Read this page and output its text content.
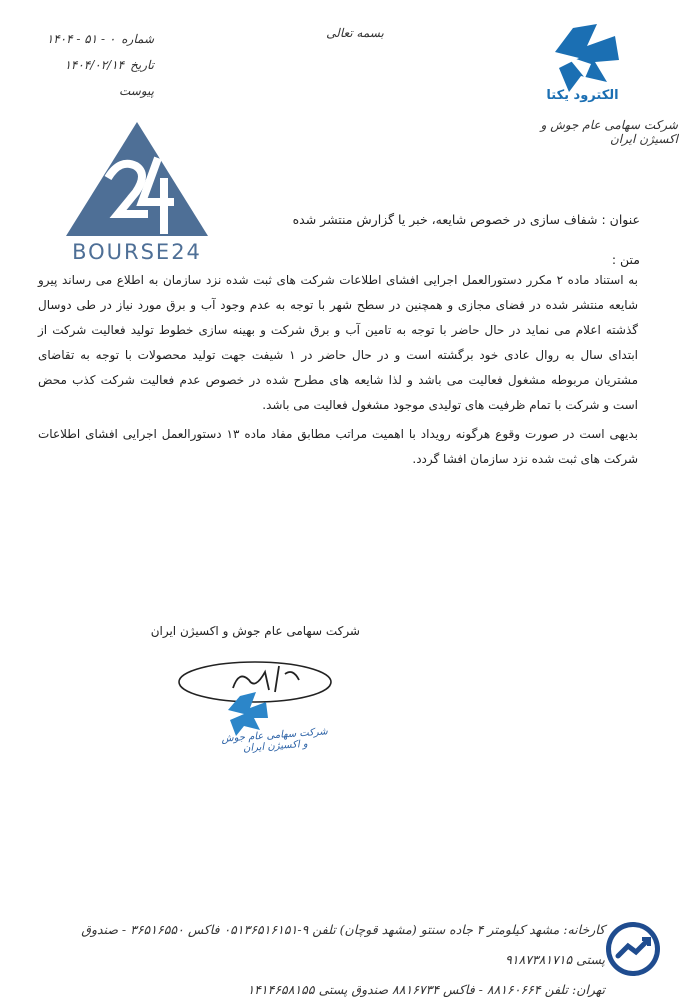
۱۴۰۴ - ۵۱ - ۰ شماره
۱۴۰۴/۰۲/۱۴ تاریخ
پیوست
بسمه تعالی
الکترود یکتا
شرکت سهامی عام جوش و اکسیژن ایران
BOURSE24
عنوان : شفاف سازی در خصوص شایعه، خبر یا گزارش منتشر شده
متن :

به استناد ماده ۲ مکرر دستورالعمل اجرایی افشای اطلاعات شرکت های ثبت شده نزد سازمان به اطلاع می رساند پیرو شایعه منتشر شده در فضای مجازی و همچنین در سطح شهر با توجه به عدم وجود آب و برق مورد نیاز در طی دوسال گذشته اعلام می نماید در حال حاضر با توجه به تامین آب و برق شرکت و بهینه سازی خطوط تولید فعالیت شرکت از ابتدای سال به روال عادی خود برگشته است و در حال حاضر در ۱ شیفت جهت تولید محصولات با توجه به تقاضای مشتریان مربوطه مشغول فعالیت می باشد و لذا شایعه های مطرح شده در خصوص عدم فعالیت شرکت کذب محض است و شرکت با تمام ظرفیت های تولیدی موجود مشغول فعالیت می باشد.

بدیهی است در صورت وقوع هرگونه رویداد با اهمیت مراتب مطابق مفاد ماده ۱۳ دستورالعمل اجرایی افشای اطلاعات شرکت های ثبت شده نزد سازمان افشا گردد.

شرکت سهامی عام جوش و اکسیژن ایران
شرکت سهامی عام جوش و اکسیژن ایران
کارخانه: مشهد کیلومتر ۴ جاده سنتو (مشهد قوچان) تلفن ۹-۰۵۱۳۶۵۱۶۱۵۱ فاکس ۳۶۵۱۶۵۵۰ - صندوق پستی ۹۱۸۷۳۸۱۷۱۵
تهران: تلفن ۸۸۱۶۰۶۶۴ - فاکس ۸۸۱۶۷۳۴ صندوق پستی ۱۴۱۴۶۵۸۱۵۵
